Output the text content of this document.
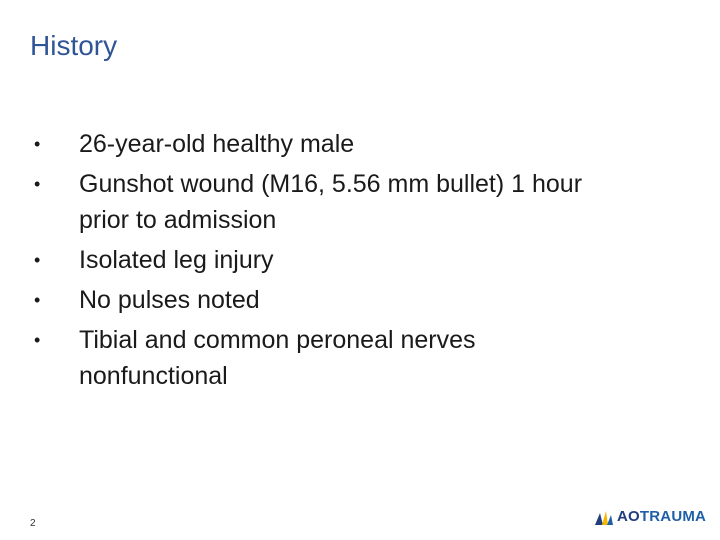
History
•	26-year-old healthy male
•	Gunshot wound (M16, 5.56 mm bullet) 1 hour
prior to admission
•	Isolated leg injury
•	No pulses noted
•	Tibial and common peroneal nerves
nonfunctional
2	AOTRAUMA
